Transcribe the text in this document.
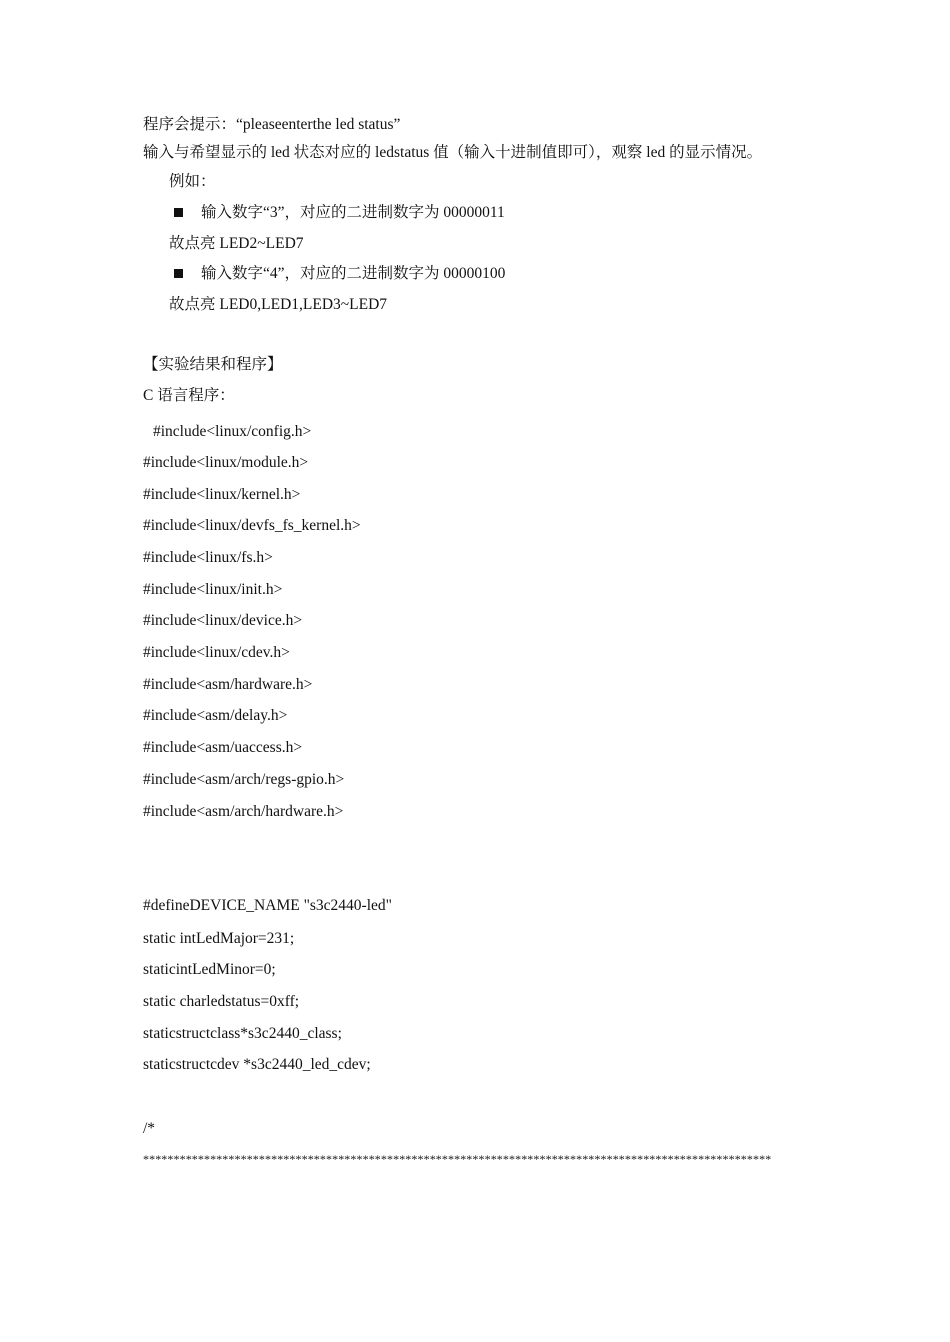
程序会提示：“pleaseenterthe led status”
输入与希望显示的 led 状态对应的 ledstatus 值（输入十进制值即可），观察 led 的显示情况。
例如：
输入数字“3”，对应的二进制数字为 00000011
故点亮 LED2~LED7
输入数字“4”，对应的二进制数字为 00000100
故点亮 LED0,LED1,LED3~LED7
【实验结果和程序】
C 语言程序：
#include<linux/config.h>
#include<linux/module.h>
#include<linux/kernel.h>
#include<linux/devfs_fs_kernel.h>
#include<linux/fs.h>
#include<linux/init.h>
#include<linux/device.h>
#include<linux/cdev.h>
#include<asm/hardware.h>
#include<asm/delay.h>
#include<asm/uaccess.h>
#include<asm/arch/regs-gpio.h>
#include<asm/arch/hardware.h>
#defineDEVICE_NAME "s3c2440-led"
static intLedMajor=231;
staticintLedMinor=0;
static charledstatus=0xff;
staticstructclass*s3c2440_class;
staticstructcdev *s3c2440_led_cdev;
/*
*******************************************************************************************************
